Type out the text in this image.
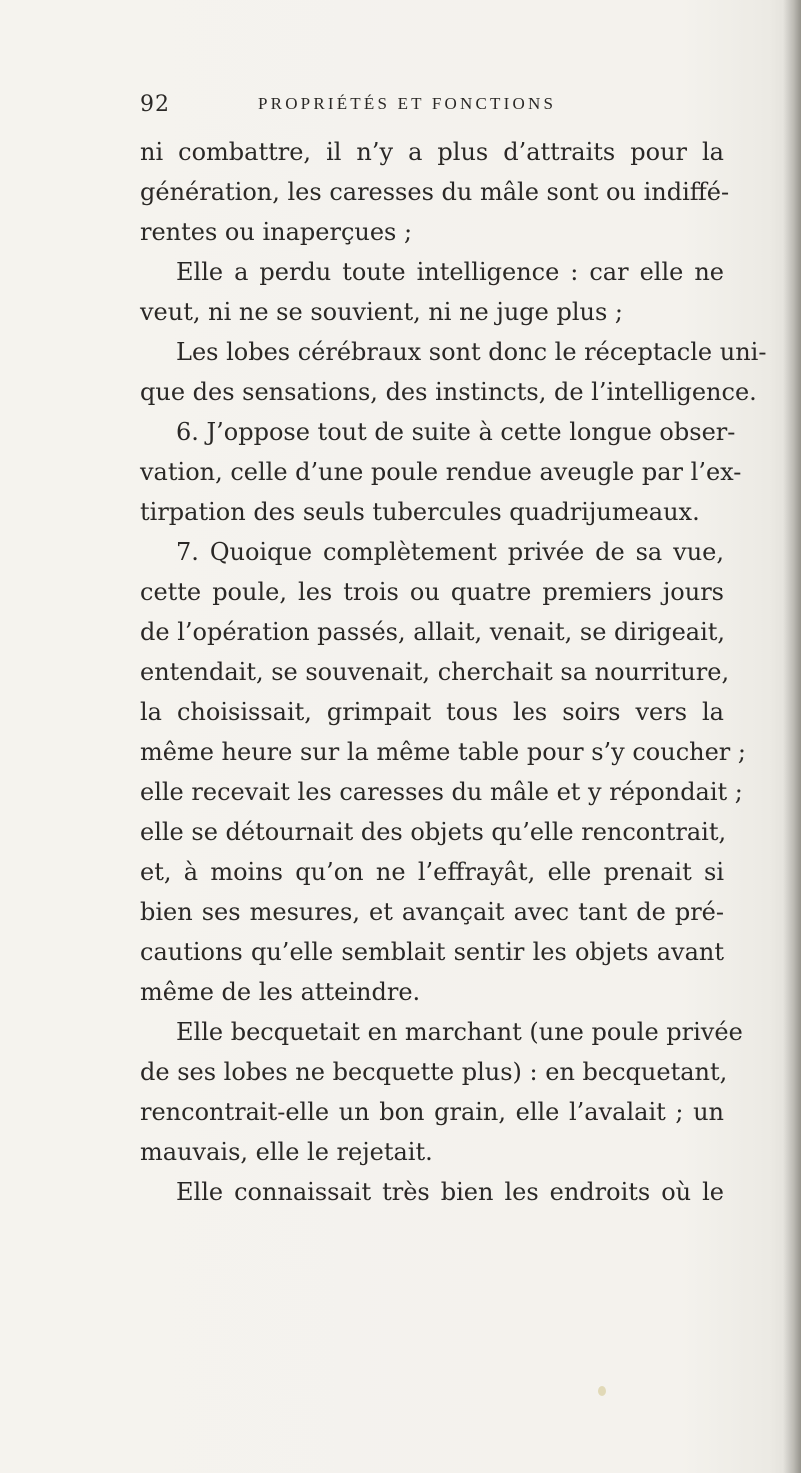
92	PROPRIÉTÉS ET FONCTIONS
ni combattre, il n’y a plus d’attraits pour la
génération, les caresses du mâle sont ou indiffé-
rentes ou inaperçues ;
Elle a perdu toute intelligence : car elle ne
veut, ni ne se souvient, ni ne juge plus ;
Les lobes cérébraux sont donc le réceptacle uni-
que des sensations, des instincts, de l’intelligence.
6. J’oppose tout de suite à cette longue obser-
vation, celle d’une poule rendue aveugle par l’ex-
tirpation des seuls tubercules quadrijumeaux.
7. Quoique complètement privée de sa vue,
cette poule, les trois ou quatre premiers jours
de l’opération passés, allait, venait, se dirigeait,
entendait, se souvenait, cherchait sa nourriture,
la choisissait, grimpait tous les soirs vers la
même heure sur la même table pour s’y coucher ;
elle recevait les caresses du mâle et y répondait ;
elle se détournait des objets qu’elle rencontrait,
et, à moins qu’on ne l’effrayât, elle prenait si
bien ses mesures, et avançait avec tant de pré-
cautions qu’elle semblait sentir les objets avant
même de les atteindre.
Elle becquetait en marchant (une poule privée
de ses lobes ne becquette plus) : en becquetant,
rencontrait-elle un bon grain, elle l’avalait ; un
mauvais, elle le rejetait.
Elle connaissait très bien les endroits où le
